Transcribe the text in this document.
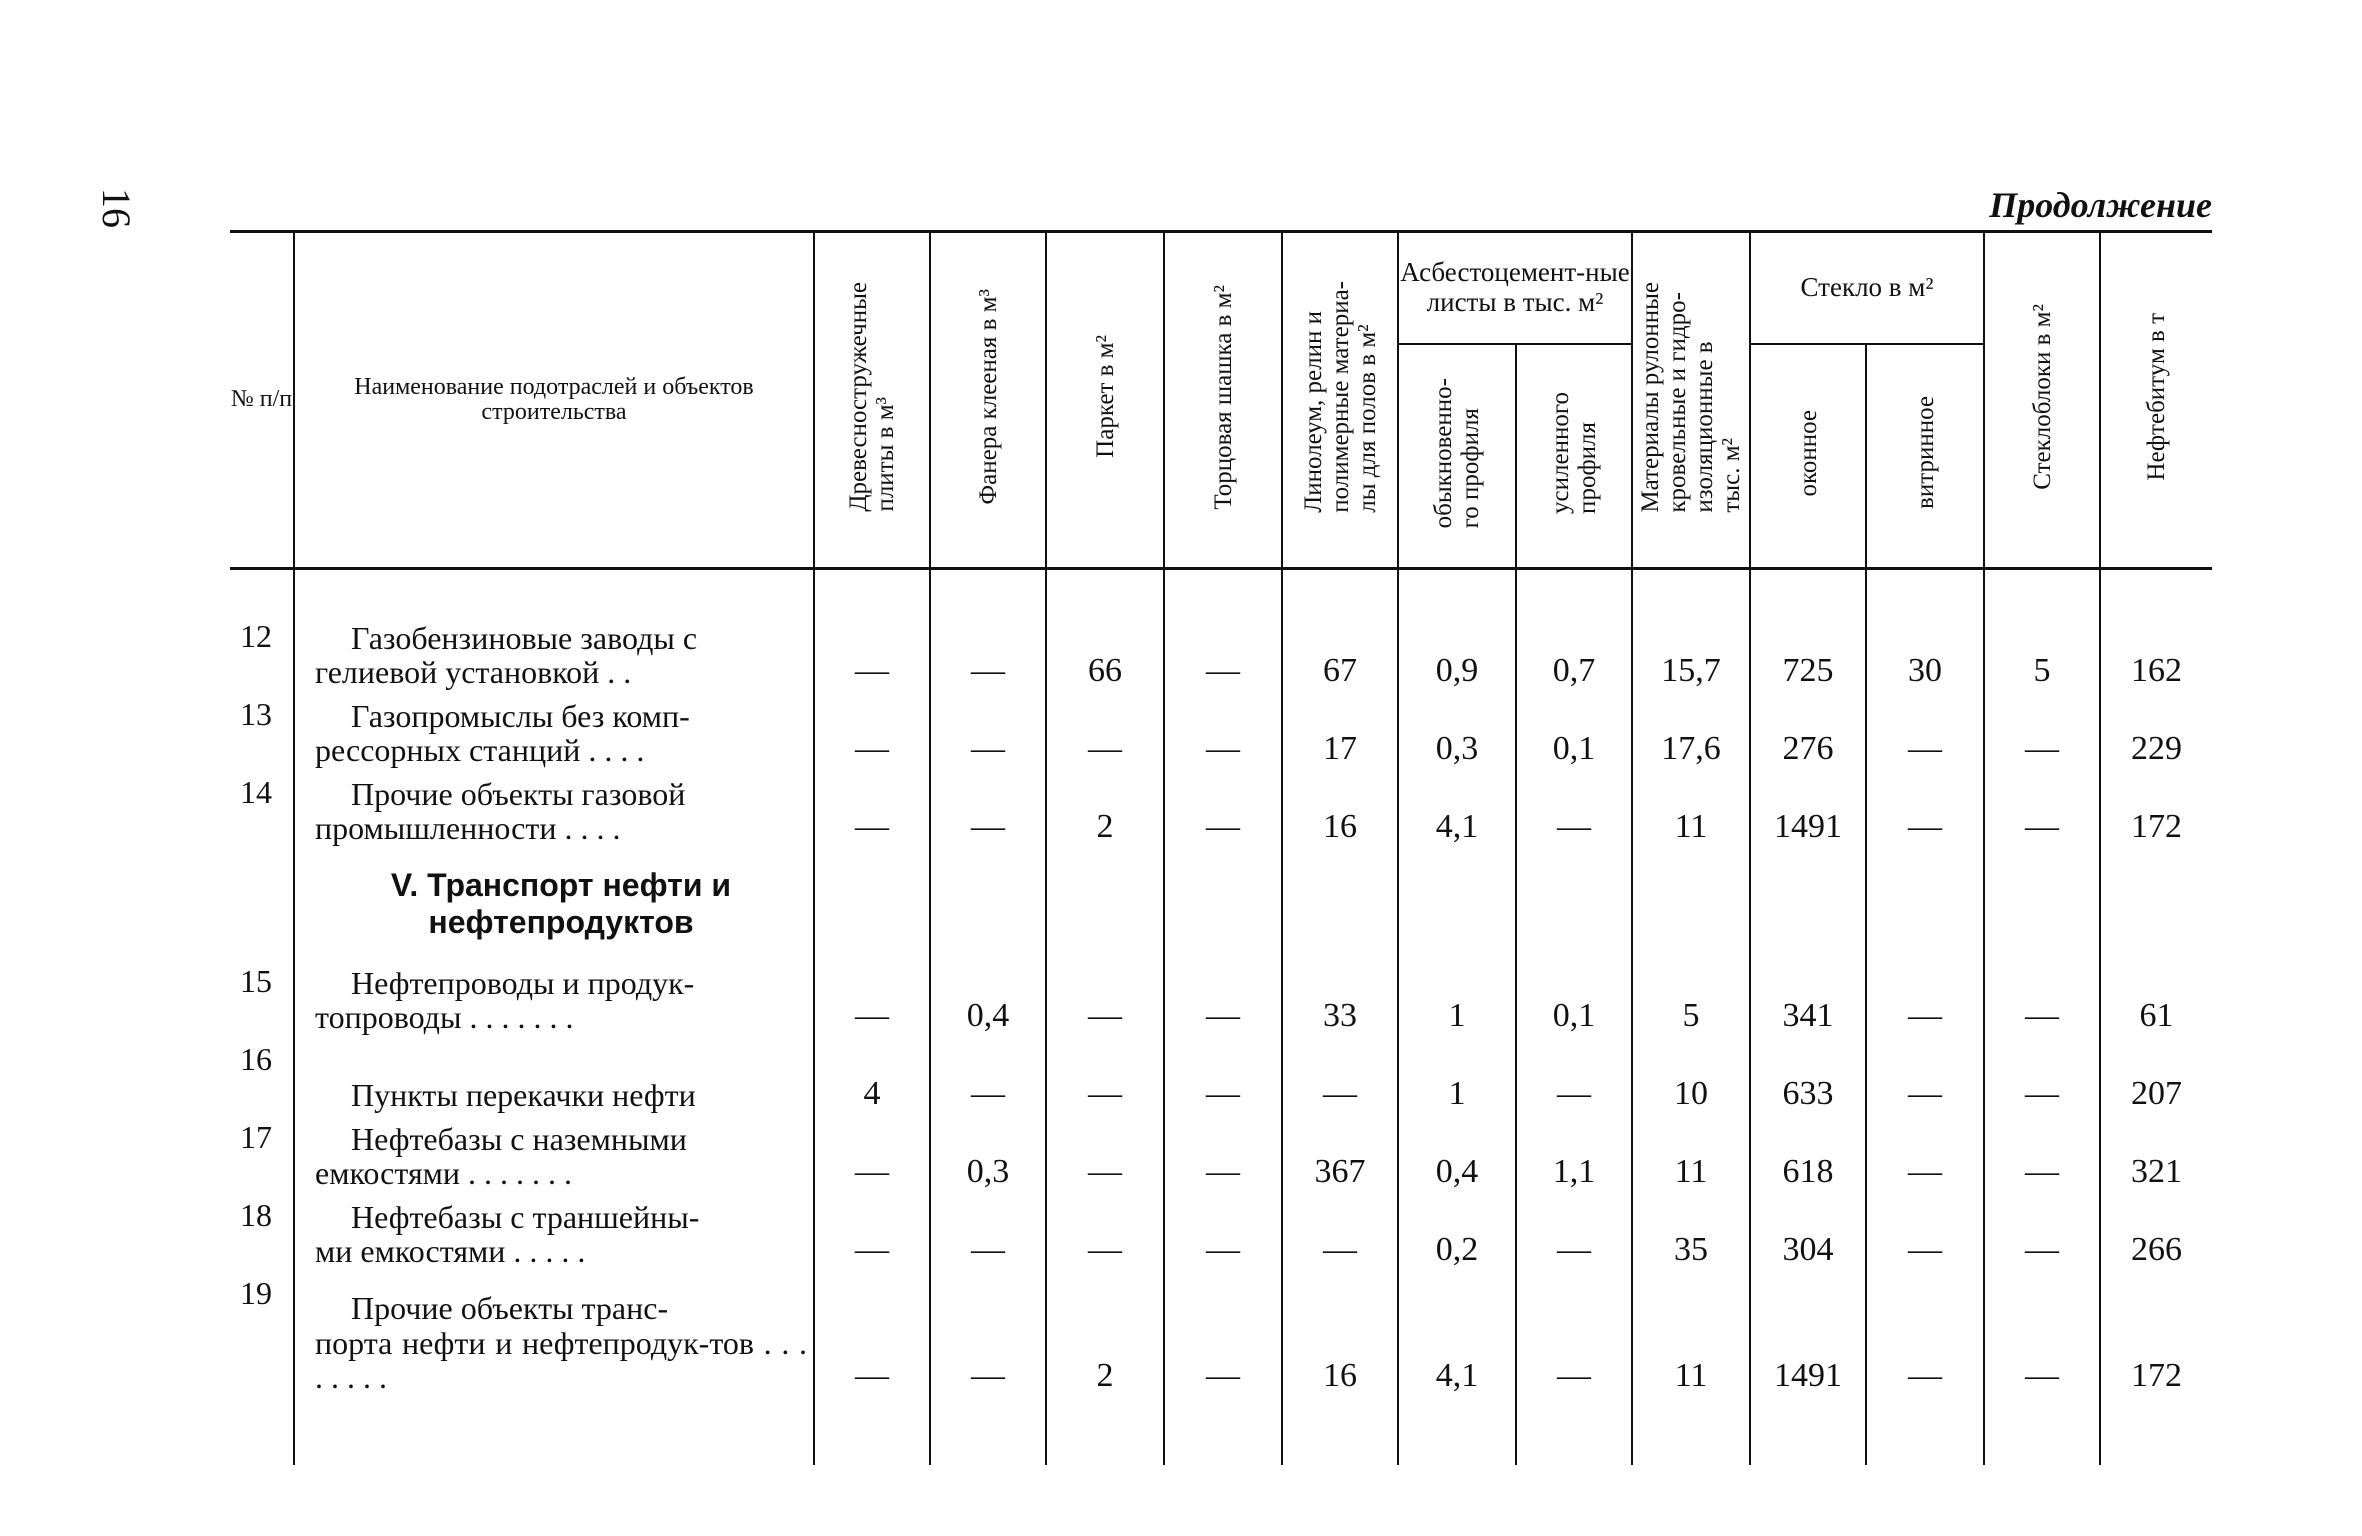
16	Продолжение
№ п/п	Наименование подотраслей и объектов строительства	Древесностружечные
плиты в м³	Фанера клееная в м³	Паркет в м²	Торцовая шашка в м²	Линолеум, релин и
полимерные материа-
лы для полов в м²	Асбестоцемент-ные листы в тыс. м²		Материалы рулонные
кровельные и гидро-
изоляционные в
тыс. м²	Стекло в м²		Стеклоблоки в м²	Нефтебитум в т
							обыкновенно-
го профиля	усиленного
профиля		оконное	витринное		

12	Газобензиновые заводы с
гелиевой установкой . .	—	—	66	—	67	0,9	0,7	15,7	725	30	5	162
13	Газопромыслы без комп-
рессорных станций . . . .	—	—	—	—	17	0,3	0,1	17,6	276	—	—	229
14	Прочие объекты газовой
промышленности . . . .	—	—	2	—	16	4,1	—	11	1491	—	—	172

	V. Транспорт нефти и нефтепродуктов												

15	Нефтепроводы и продук-
топроводы . . . . . . .	—	0,4	—	—	33	1	0,1	5	341	—	—	61
16	Пункты перекачки нефти	4	—	—	—	—	1	—	10	633	—	—	207
17	Нефтебазы с наземными
емкостями . . . . . . .	—	0,3	—	—	367	0,4	1,1	11	618	—	—	321
18	Нефтебазы с траншейны-
ми емкостями . . . . .	—	—	—	—	—	0,2	—	35	304	—	—	266
19	Прочие объекты транс-
порта нефти и нефтепродук-тов . . . . . . . .	—	—	2	—	16	4,1	—	11	1491	—	—	172
